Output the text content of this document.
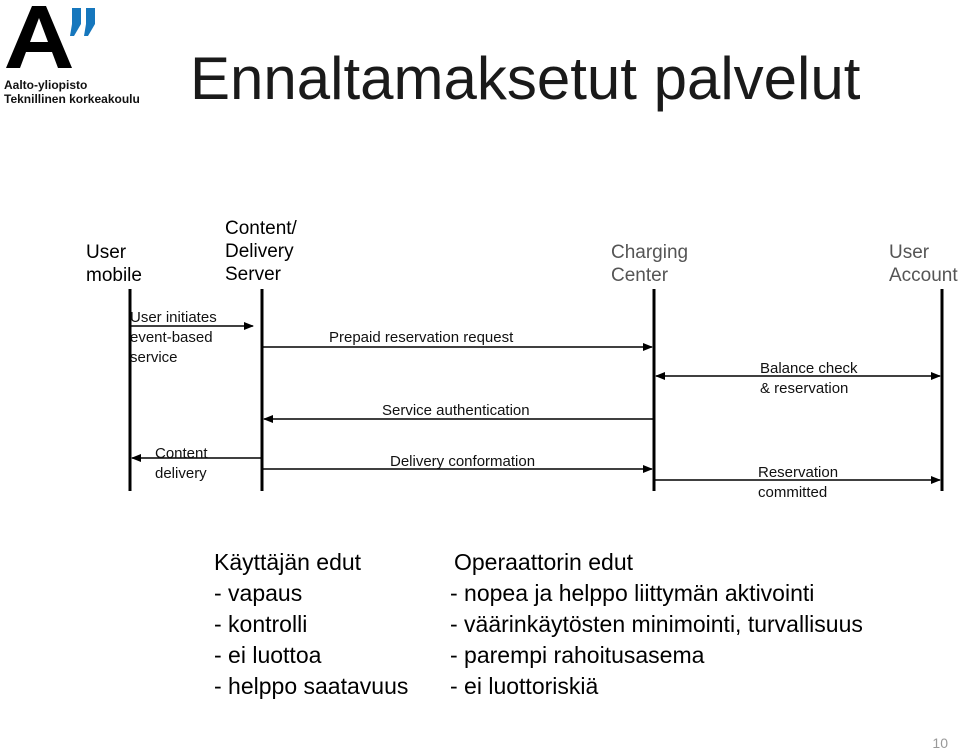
Aalto-yliopisto
Teknillinen korkeakoulu Ennaltamaksetut palvelut
User
mobile
Content/
Delivery
Server
Charging
Center
User
Account
User initiates
event-based
service
Prepaid reservation request
Balance check
& reservation
Service authentication
Content
delivery
Delivery conformation
Reservation
committed
Käyttäjän edut
- vapaus
- kontrolli
- ei luottoa
- helppo saatavuus
Operaattorin edut
- nopea ja helppo liittymän aktivointi
- väärinkäytösten minimointi, turvallisuus
- parempi rahoitusasema
- ei luottoriskiä
10
